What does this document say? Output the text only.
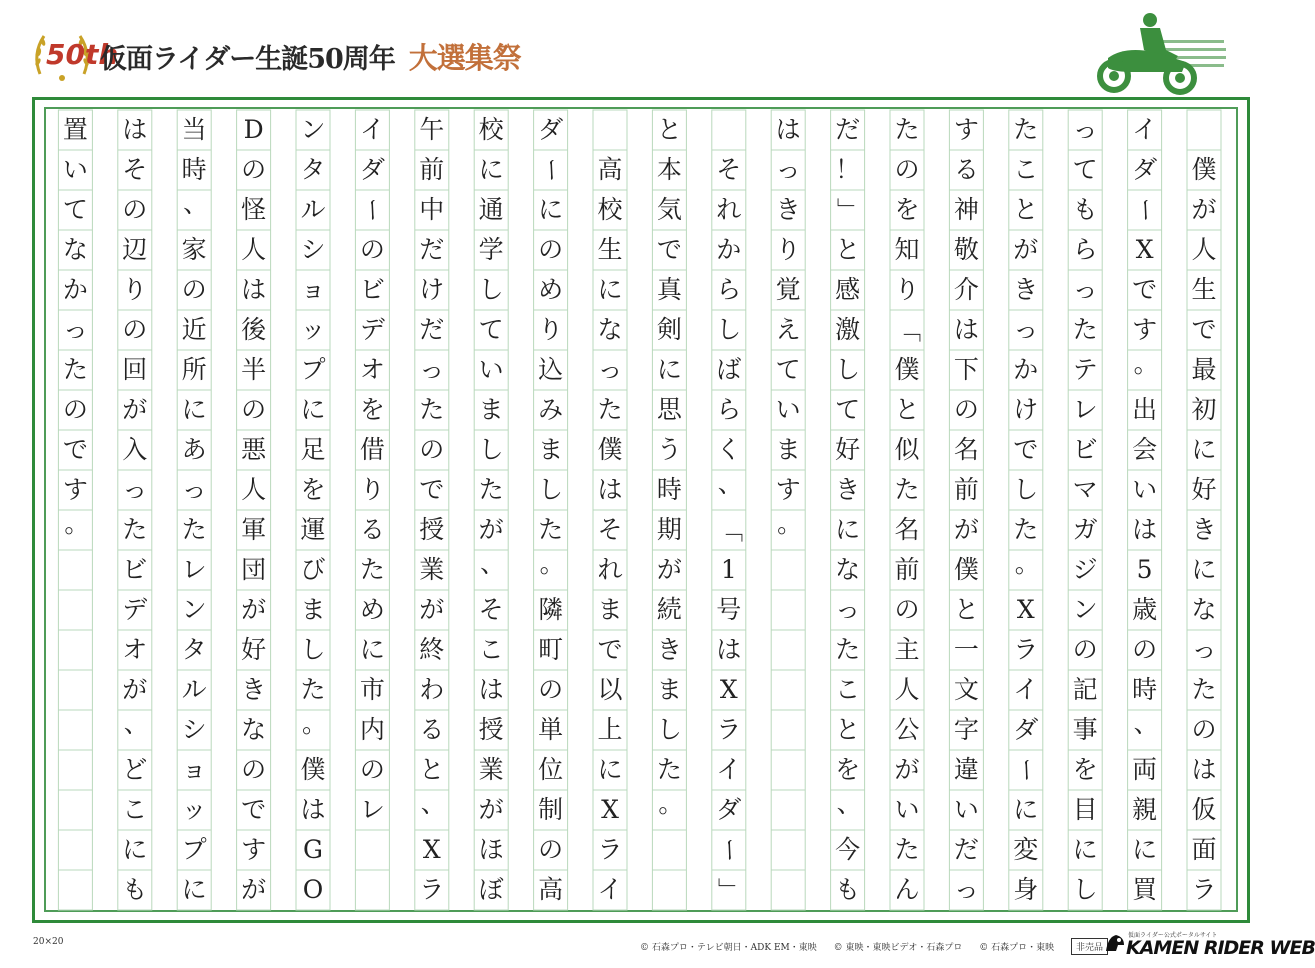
50th
仮面ライダー生誕50周年 大選集祭

僕
が
人
生
で
最
初
に
好
き
に
な
っ
た
の
は
仮
面
ラ
イ
ダ
ー
X
で
す
。
出
会
い
は
5
歳
の
時
、
両
親
に
買
っ
て
も
ら
っ
た
テ
レ
ビ
マ
ガ
ジ
ン
の
記
事
を
目
に
し
た
こ
と
が
き
っ
か
け
で
し
た
。
X
ラ
イ
ダ
ー
に
変
身
す
る
神
敬
介
は
下
の
名
前
が
僕
と
一
文
字
違
い
だ
っ
た
の
を
知
り
「
僕
と
似
た
名
前
の
主
人
公
が
い
た
ん
だ
！
」
と
感
激
し
て
好
き
に
な
っ
た
こ
と
を
、
今
も
は
っ
き
り
覚
え
て
い
ま
す
。

そ
れ
か
ら
し
ば
ら
く
、
「
1
号
は
X
ラ
イ
ダ
ー
」
と
本
気
で
真
剣
に
思
う
時
期
が
続
き
ま
し
た
。

高
校
生
に
な
っ
た
僕
は
そ
れ
ま
で
以
上
に
X
ラ
イ
ダ
ー
に
の
め
り
込
み
ま
し
た
。
隣
町
の
単
位
制
の
高
校
に
通
学
し
て
い
ま
し
た
が
、
そ
こ
は
授
業
が
ほ
ぼ
午
前
中
だ
け
だ
っ
た
の
で
授
業
が
終
わ
る
と
、
X
ラ
イ
ダ
ー
の
ビ
デ
オ
を
借
り
る
た
め
に
市
内
の
レ
ン
タ
ル
シ
ョ
ッ
プ
に
足
を
運
び
ま
し
た
。
僕
は
G
O
D
の
怪
人
は
後
半
の
悪
人
軍
団
が
好
き
な
の
で
す
が
当
時
、
家
の
近
所
に
あ
っ
た
レ
ン
タ
ル
シ
ョ
ッ
プ
に
は
そ
の
辺
り
の
回
が
入
っ
た
ビ
デ
オ
が
、
ど
こ
に
も
置
い
て
な
か
っ
た
の
で
す
。
20×20
© 石森プロ・テレビ朝日・ADK EM・東映 © 東映・東映ビデオ・石森プロ © 石森プロ・東映 非売品
仮面ライダー公式ポータルサイト
KAMEN RIDER WEB
